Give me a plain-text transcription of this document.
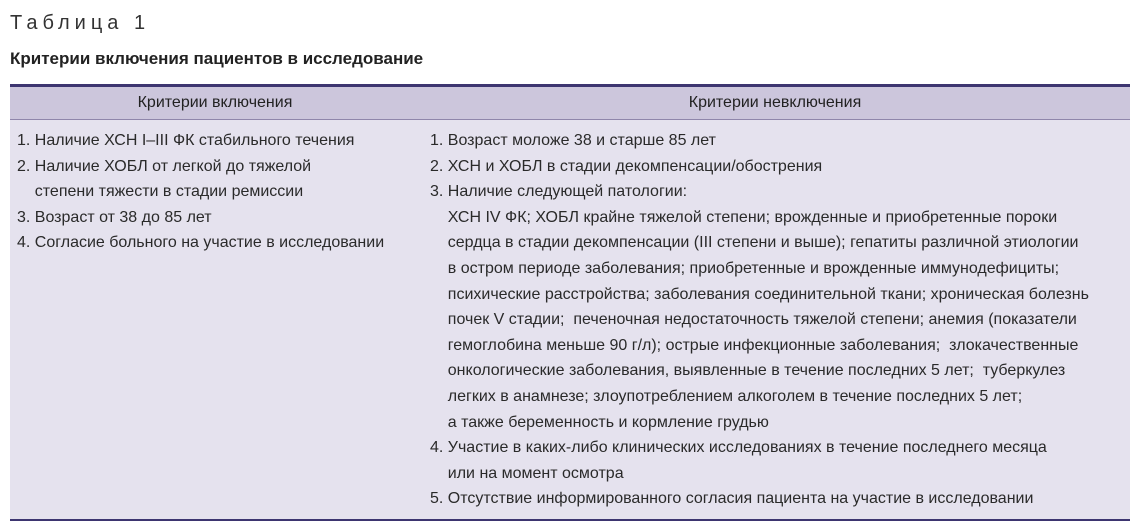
Таблица 1
Критерии включения пациентов в исследование
Критерии включения	Критерии невключения
1. Наличие ХСН I–III ФК стабильного течения
2. Наличие ХОБЛ от легкой до тяжелой
степени тяжести в стадии ремиссии
3. Возраст от 38 до 85 лет
4. Согласие больного на участие в исследовании
1. Возраст моложе 38 и старше 85 лет
2. ХСН и ХОБЛ в стадии декомпенсации/обострения
3. Наличие следующей патологии:
ХСН IV ФК; ХОБЛ крайне тяжелой степени; врожденные и приобретенные пороки
сердца в стадии декомпенсации (III степени и выше); гепатиты различной этиологии
в остром периоде заболевания; приобретенные и врожденные иммунодефициты;
психические расстройства; заболевания соединительной ткани; хроническая болезнь
почек V стадии;  печеночная недостаточность тяжелой степени; анемия (показатели
гемоглобина меньше 90 г/л); острые инфекционные заболевания;  злокачественные
онкологические заболевания, выявленные в течение последних 5 лет;  туберкулез
легких в анамнезе; злоупотреблением алкоголем в течение последних 5 лет;
а также беременность и кормление грудью
4. Участие в каких-либо клинических исследованиях в течение последнего месяца
или на момент осмотра
5. Отсутствие информированного согласия пациента на участие в исследовании
